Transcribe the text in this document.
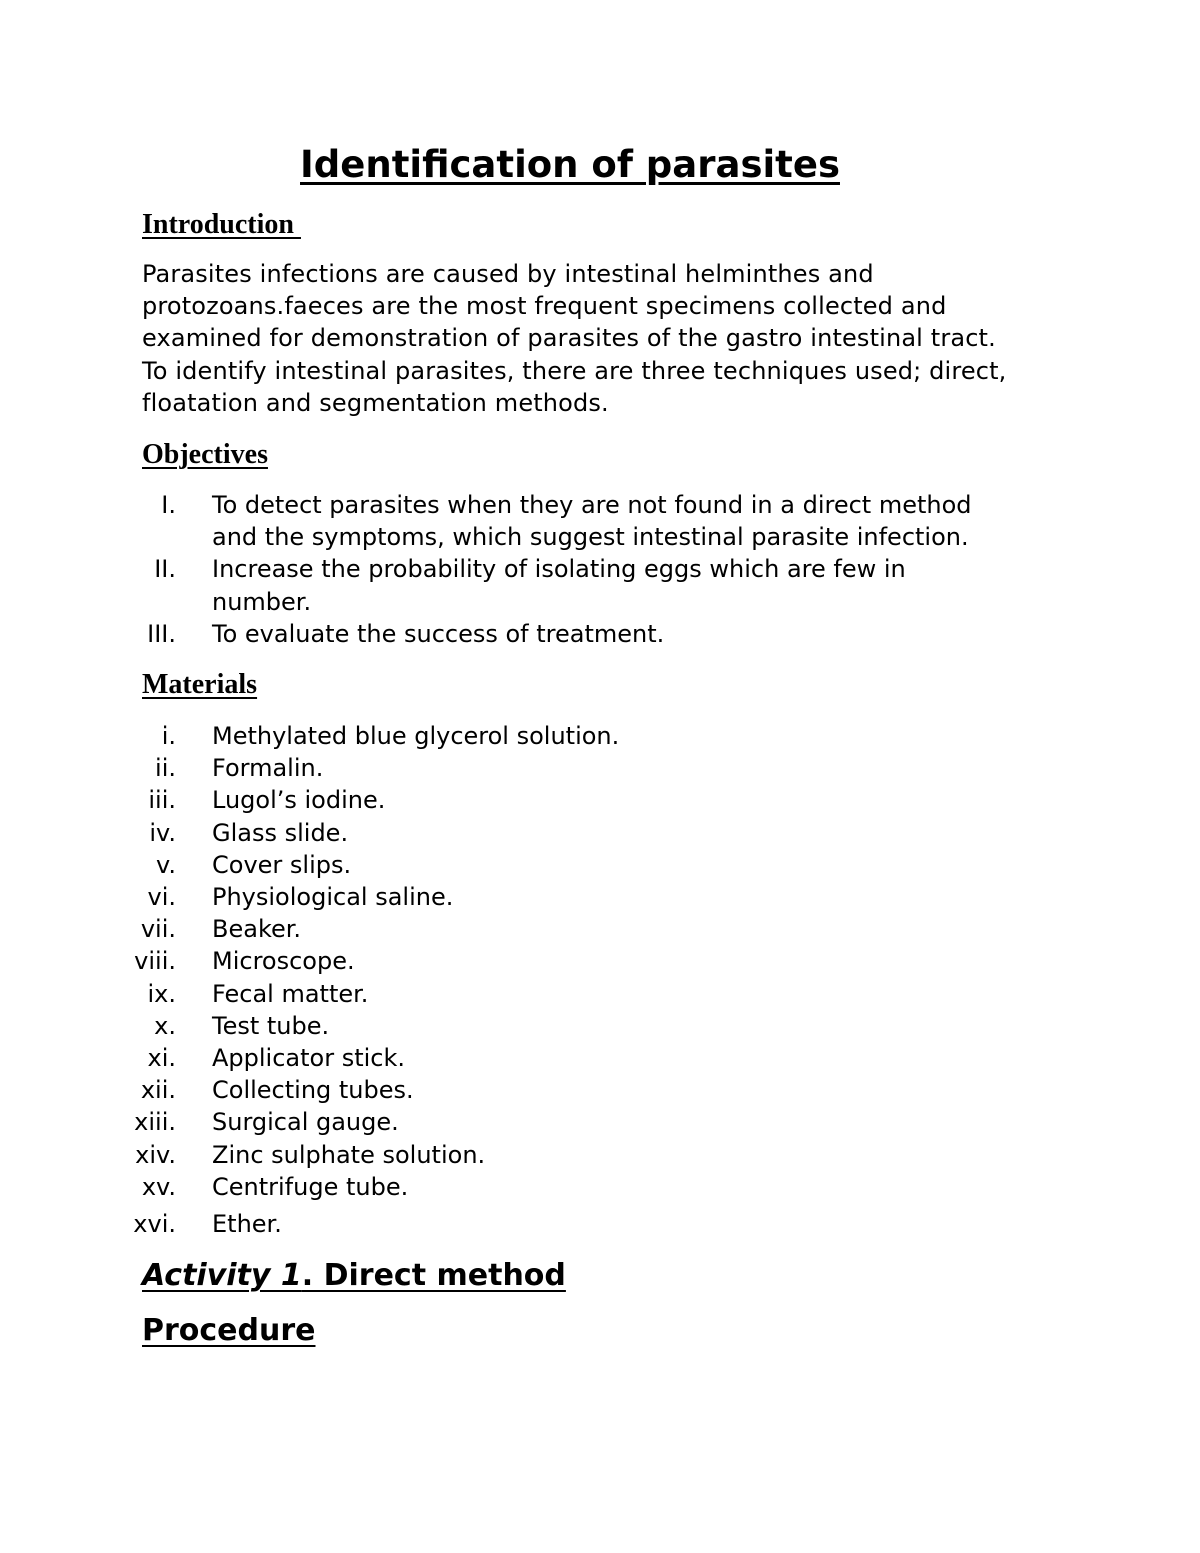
Identification of parasites
Introduction

Parasites infections are caused by intestinal helminthes and
protozoans.faeces are the most frequent specimens collected and
examined for demonstration of parasites of the gastro intestinal tract.
To identify intestinal parasites, there are three techniques used; direct,
floatation and segmentation methods.

Objectives
I. To detect parasites when they are not found in a direct method
and the symptoms, which suggest intestinal parasite infection.
II. Increase the probability of isolating eggs which are few in
number.
III. To evaluate the success of treatment.
Materials
i. Methylated blue glycerol solution.
ii. Formalin.
iii. Lugol’s iodine.
iv. Glass slide.
v. Cover slips.
vi. Physiological saline.
vii. Beaker.
viii. Microscope.
ix. Fecal matter.
x. Test tube.
xi. Applicator stick.
xii. Collecting tubes.
xiii. Surgical gauge.
xiv. Zinc sulphate solution.
xv. Centrifuge tube.
xvi. Ether.
Activity 1. Direct method
Procedure
